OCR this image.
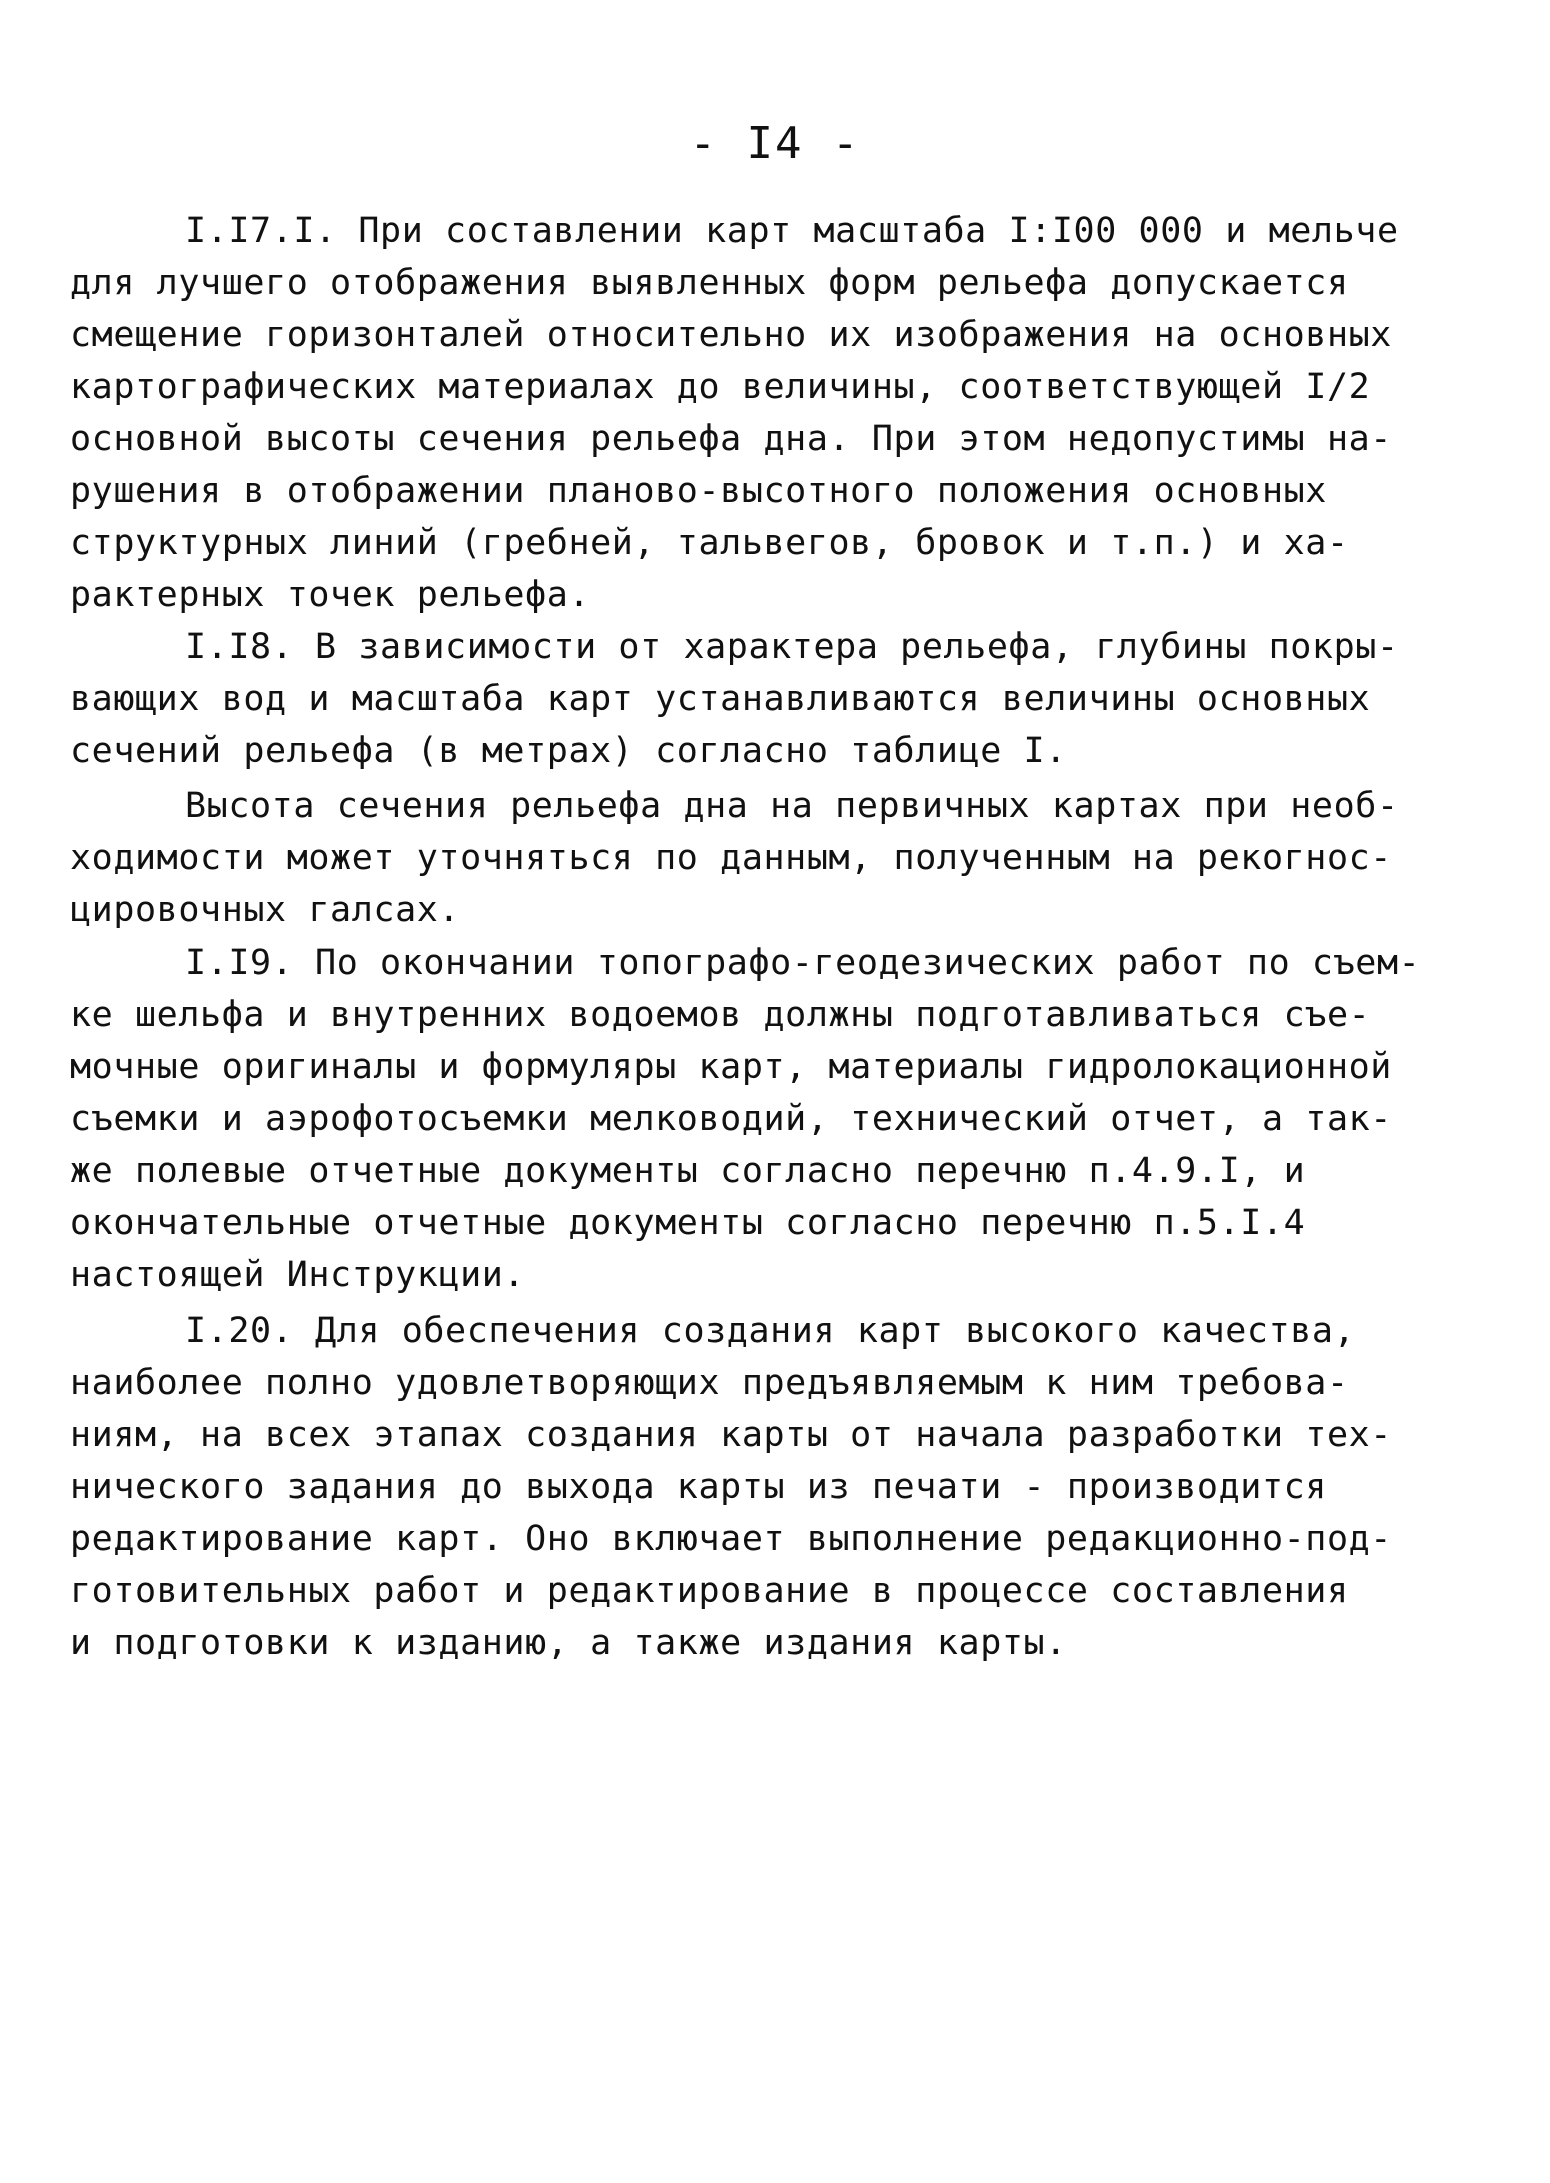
- I4 -
I.I7.I. При составлении карт масштаба I:I00 000 и мельче
для лучшего отображения выявленных форм рельефа допускается
смещение горизонталей относительно их изображения на основных
картографических материалах до величины, соответствующей I/2
основной высоты сечения рельефа дна. При этом недопустимы на-
рушения в отображении планово-высотного положения основных
структурных линий (гребней, тальвегов, бровок и т.п.) и ха-
рактерных точек рельефа.
I.I8. В зависимости от характера рельефа, глубины покры-
вающих вод и масштаба карт устанавливаются величины основных
сечений рельефа (в метрах) согласно таблице I.
Высота сечения рельефа дна на первичных картах при необ-
ходимости может уточняться по данным, полученным на рекогнос-
цировочных галсах.
I.I9. По окончании топографо-геодезических работ по съем-
ке шельфа и внутренних водоемов должны подготавливаться съе-
мочные оригиналы и формуляры карт, материалы гидролокационной
съемки и аэрофотосъемки мелководий, технический отчет, а так-
же полевые отчетные документы согласно перечню п.4.9.I, и
окончательные отчетные документы согласно перечню п.5.I.4
настоящей Инструкции.
I.20. Для обеспечения создания карт высокого качества,
наиболее полно удовлетворяющих предъявляемым к ним требова-
ниям, на всех этапах создания карты от начала разработки тех-
нического задания до выхода карты из печати - производится
редактирование карт. Оно включает выполнение редакционно-под-
готовительных работ и редактирование в процессе составления
и подготовки к изданию, а также издания карты.
